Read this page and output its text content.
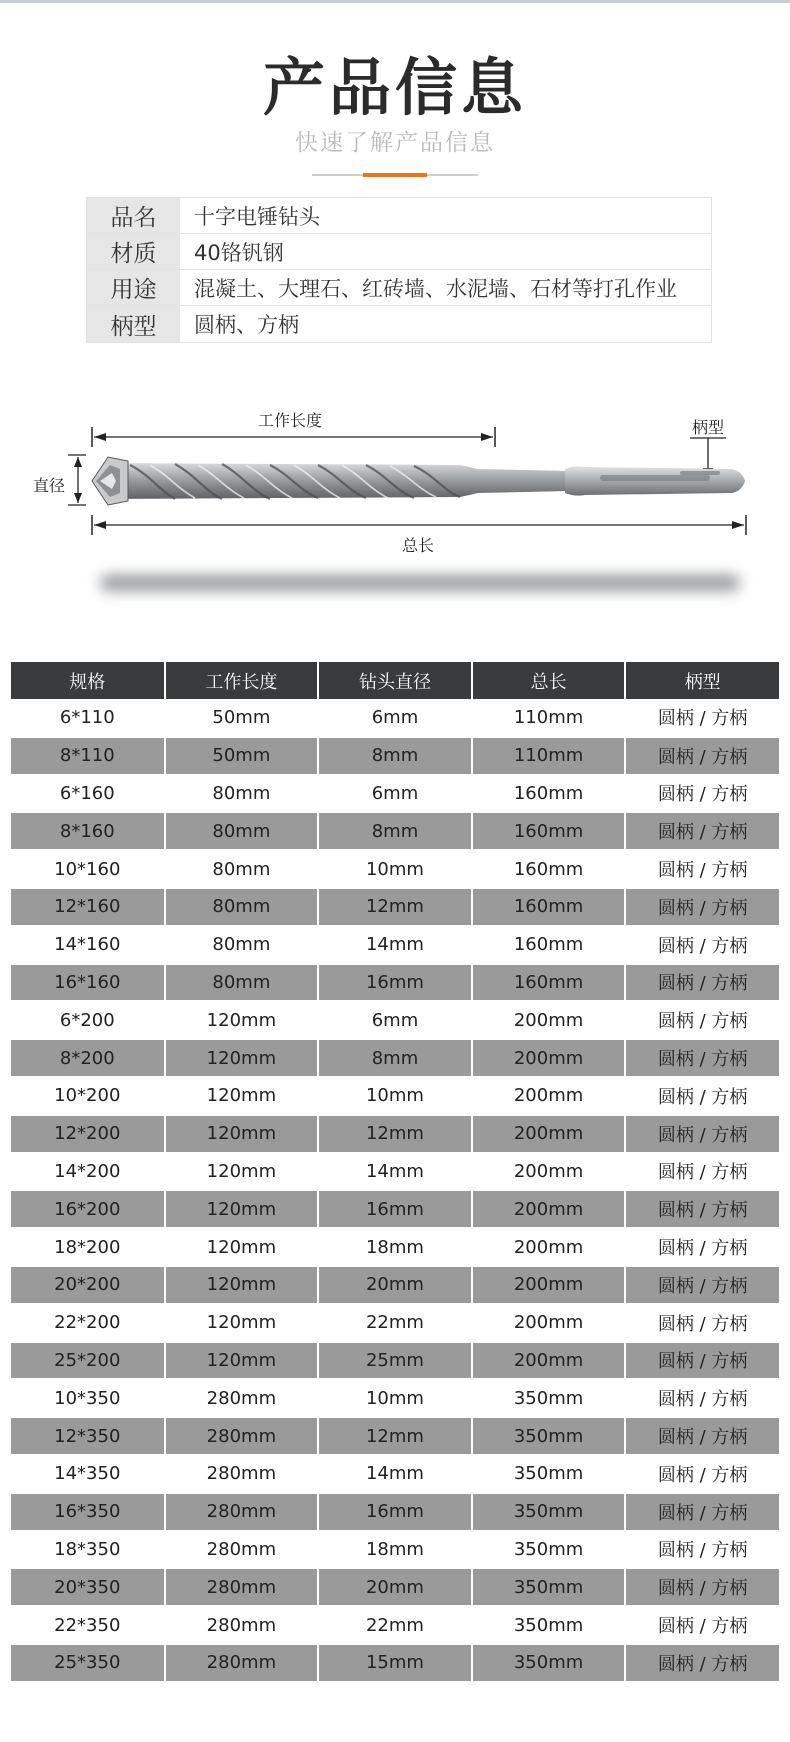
产品信息
快速了解产品信息
品名	十字电锤钻头
材质	40铬钒钢
用途	混凝土、大理石、红砖墙、水泥墙、石材等打孔作业
柄型	圆柄、方柄
工作长度
直径
柄型
总长
规格	工作长度	钻头直径	总长	柄型
6*110	50mm	6mm	110mm	圆柄 / 方柄
8*110	50mm	8mm	110mm	圆柄 / 方柄
6*160	80mm	6mm	160mm	圆柄 / 方柄
8*160	80mm	8mm	160mm	圆柄 / 方柄
10*160	80mm	10mm	160mm	圆柄 / 方柄
12*160	80mm	12mm	160mm	圆柄 / 方柄
14*160	80mm	14mm	160mm	圆柄 / 方柄
16*160	80mm	16mm	160mm	圆柄 / 方柄
6*200	120mm	6mm	200mm	圆柄 / 方柄
8*200	120mm	8mm	200mm	圆柄 / 方柄
10*200	120mm	10mm	200mm	圆柄 / 方柄
12*200	120mm	12mm	200mm	圆柄 / 方柄
14*200	120mm	14mm	200mm	圆柄 / 方柄
16*200	120mm	16mm	200mm	圆柄 / 方柄
18*200	120mm	18mm	200mm	圆柄 / 方柄
20*200	120mm	20mm	200mm	圆柄 / 方柄
22*200	120mm	22mm	200mm	圆柄 / 方柄
25*200	120mm	25mm	200mm	圆柄 / 方柄
10*350	280mm	10mm	350mm	圆柄 / 方柄
12*350	280mm	12mm	350mm	圆柄 / 方柄
14*350	280mm	14mm	350mm	圆柄 / 方柄
16*350	280mm	16mm	350mm	圆柄 / 方柄
18*350	280mm	18mm	350mm	圆柄 / 方柄
20*350	280mm	20mm	350mm	圆柄 / 方柄
22*350	280mm	22mm	350mm	圆柄 / 方柄
25*350	280mm	15mm	350mm	圆柄 / 方柄
